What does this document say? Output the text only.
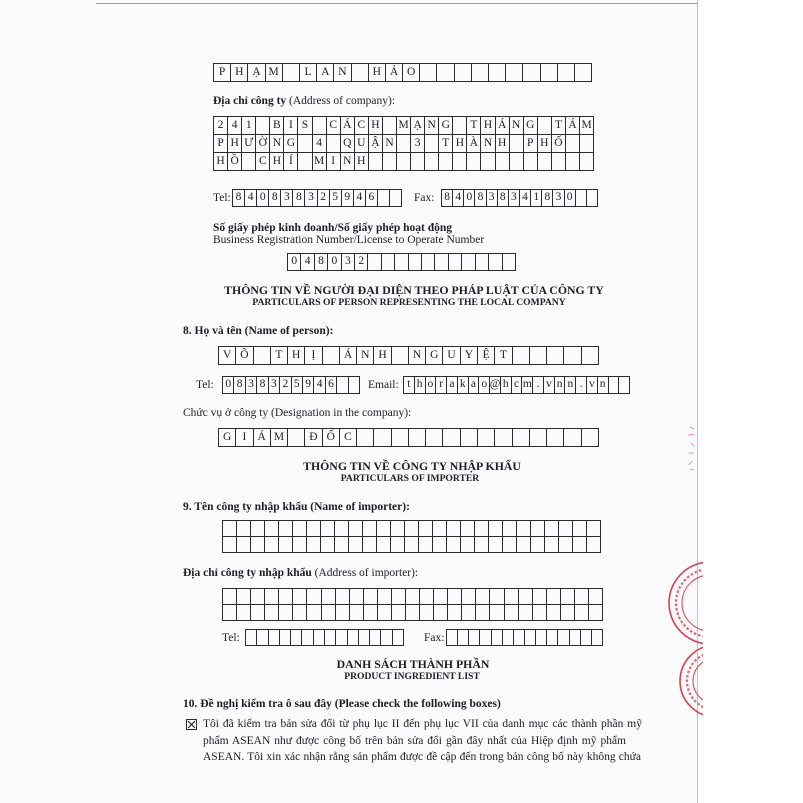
P H Ạ M	L A N	H Ả O
Địa chỉ công ty (Address of company):
2 4 1	B I S	C Á C H M Ạ N G T H Á N G T Á M
P H Ư Ờ N G	4	Q U Ậ N	3	T H À N H P H Ố
H Ồ C H Í	M I N H
Tel: 8 4 0 8 3 8 3 2 5 9 4 6	Fax: 8 4 0 8 3 8 3 4 1 8 3 0
Số giấy phép kinh doanh/Số giấy phép hoạt động
Business Registration Number/License to Operate Number
0 4 8 0 3 2
THÔNG TIN VỀ NGƯỜI ĐẠI DIỆN THEO PHÁP LUẬT CỦA CÔNG TY
PARTICULARS OF PERSON REPRESENTING THE LOCAL COMPANY
8. Họ và tên (Name of person):
V Õ	T H Ị	Á N H	N G U Y Ệ T
Tel: 0 8 3 8 3 2 5 9 4 6	Email: t h o r a k a o @ h c m . v n n . v n
Chức vụ ở công ty (Designation in the company):
G I Á M	Đ Ố C
THÔNG TIN VỀ CÔNG TY NHẬP KHẨU
PARTICULARS OF IMPORTER
9. Tên công ty nhập khẩu (Name of importer):
Địa chỉ công ty nhập khẩu (Address of importer):
Tel:	Fax:
DANH SÁCH THÀNH PHẦN
PRODUCT INGREDIENT LIST
10. Đề nghị kiểm tra ô sau đây (Please check the following boxes)
Tôi đã kiểm tra bản sửa đổi từ phụ lục II đến phụ lục VII của danh mục các thành phần mỹ
phẩm ASEAN như được công bố trên bản sửa đổi gần đây nhất của Hiệp định mỹ phẩm
ASEAN. Tôi xin xác nhận rằng sản phẩm được đề cập đến trong bản công bố này không chứa
